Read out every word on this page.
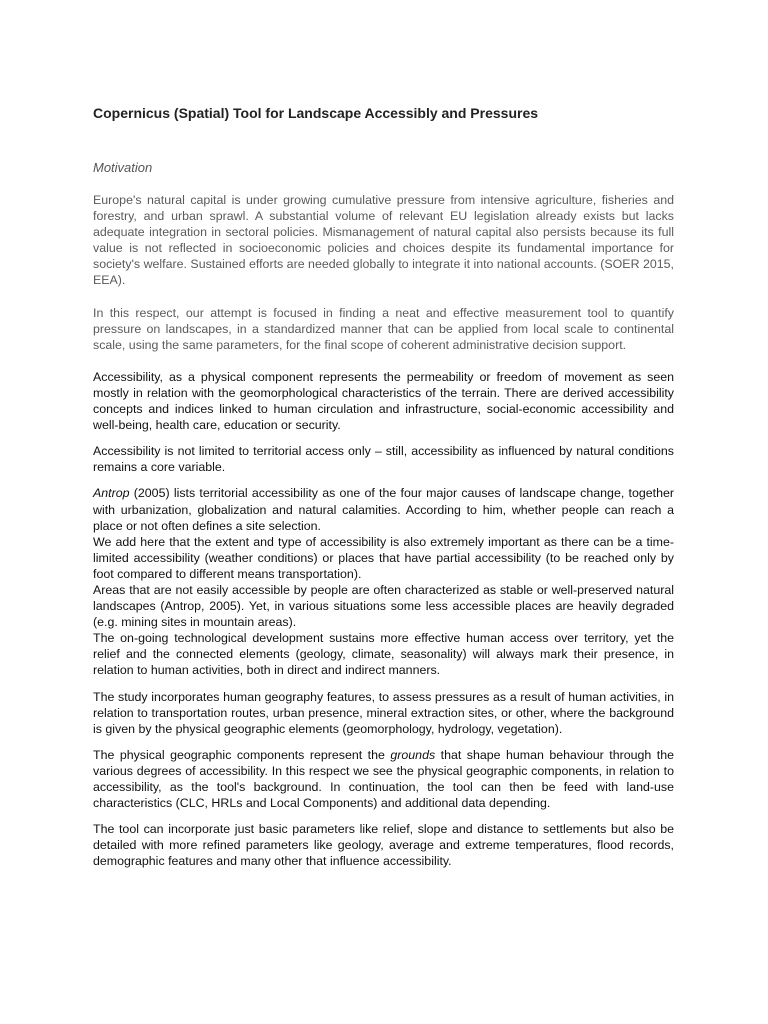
Copernicus (Spatial) Tool for Landscape Accessibly and Pressures
Motivation

Europe's natural capital is under growing cumulative pressure from intensive agriculture, fisheries and forestry, and urban sprawl. A substantial volume of relevant EU legislation already exists but lacks adequate integration in sectoral policies. Mismanagement of natural capital also persists because its full value is not reflected in socioeconomic policies and choices despite its fundamental importance for society's welfare. Sustained efforts are needed globally to integrate it into national accounts. (SOER 2015, EEA).

In this respect, our attempt is focused in finding a neat and effective measurement tool to quantify pressure on landscapes, in a standardized manner that can be applied from local scale to continental scale, using the same parameters, for the final scope of coherent administrative decision support.

Accessibility, as a physical component represents the permeability or freedom of movement as seen mostly in relation with the geomorphological characteristics of the terrain. There are derived accessibility concepts and indices linked to human circulation and infrastructure, social-economic accessibility and well-being, health care, education or security.

Accessibility is not limited to territorial access only – still, accessibility as influenced by natural conditions remains a core variable.

Antrop (2005) lists territorial accessibility as one of the four major causes of landscape change, together with urbanization, globalization and natural calamities. According to him, whether people can reach a place or not often defines a site selection.

We add here that the extent and type of accessibility is also extremely important as there can be a time-limited accessibility (weather conditions) or places that have partial accessibility (to be reached only by foot compared to different means transportation).

Areas that are not easily accessible by people are often characterized as stable or well-preserved natural landscapes (Antrop, 2005). Yet, in various situations some less accessible places are heavily degraded (e.g. mining sites in mountain areas).

The on-going technological development sustains more effective human access over territory, yet the relief and the connected elements (geology, climate, seasonality) will always mark their presence, in relation to human activities, both in direct and indirect manners.

The study incorporates human geography features, to assess pressures as a result of human activities, in relation to transportation routes, urban presence, mineral extraction sites, or other, where the background is given by the physical geographic elements (geomorphology, hydrology, vegetation).

The physical geographic components represent the grounds that shape human behaviour through the various degrees of accessibility. In this respect we see the physical geographic components, in relation to accessibility, as the tool's background. In continuation, the tool can then be feed with land-use characteristics (CLC, HRLs and Local Components) and additional data depending.

The tool can incorporate just basic parameters like relief, slope and distance to settlements but also be detailed with more refined parameters like geology, average and extreme temperatures, flood records, demographic features and many other that influence accessibility.
